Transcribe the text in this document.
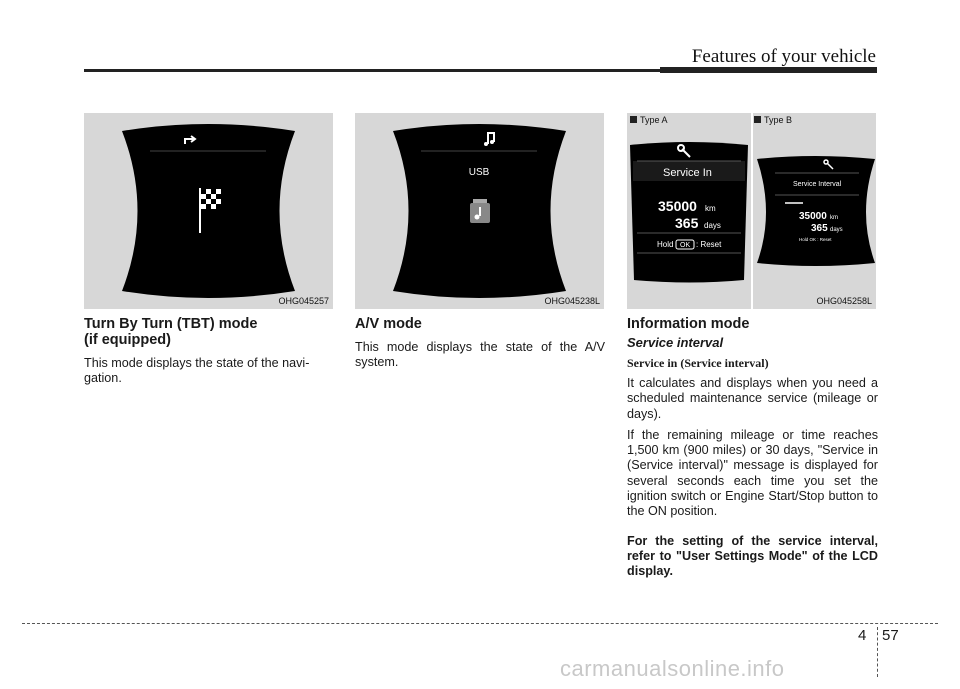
Features of your vehicle
OHG045257
USB
OHG045238L
Type A	Type B
Service In
35000 km
365 days
Hold OK : Reset
Service Interval
35000 km
365 days
Hold OK : Reset
OHG045258L
Turn By Turn (TBT) mode
(if equipped)

This mode displays the state of the navi-gation.

A/V mode

This mode displays the state of the A/V system.

Information mode
Service interval
Service in (Service interval)

It calculates and displays when you need a scheduled maintenance service (mileage or days).

If the remaining mileage or time reaches 1,500 km (900 miles) or 30 days, "Service in (Service interval)" message is displayed for several seconds each time you set the ignition switch or Engine Start/Stop button to the ON position.

For the setting of the service interval, refer to "User Settings Mode" of the LCD display.

4 57
carmanualsonline.info
